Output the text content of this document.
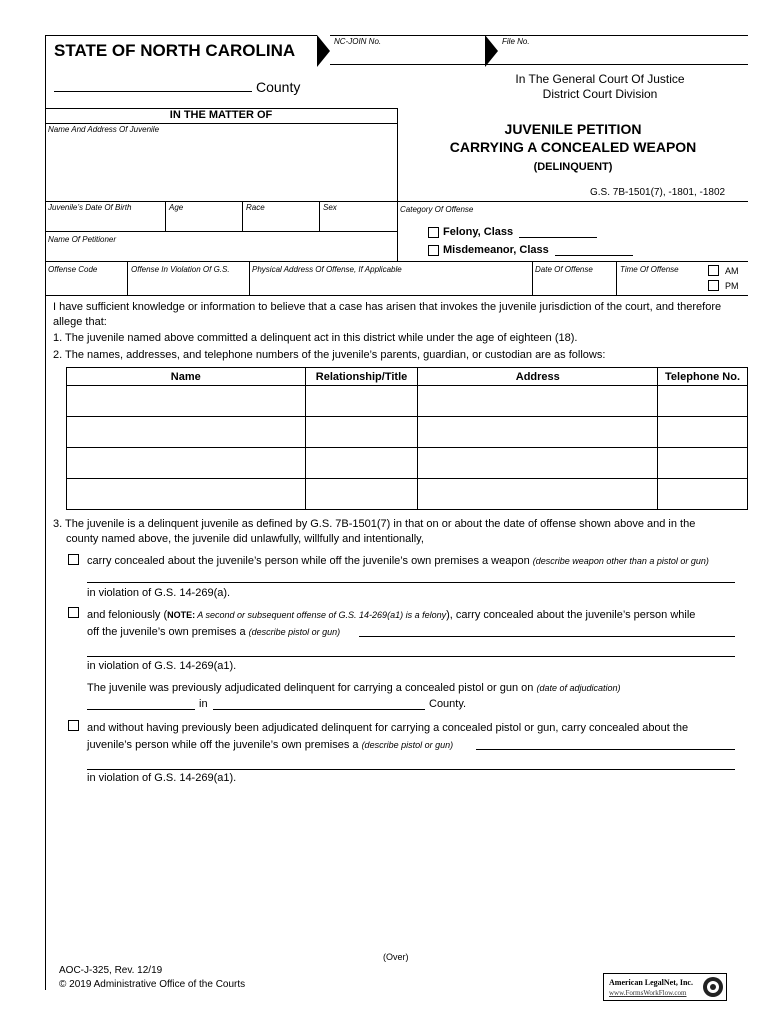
NC-JOIN No.	File No.
STATE OF NORTH CAROLINA
County	In The General Court Of Justice
District Court Division
IN THE MATTER OF
Name And Address Of Juvenile	JUVENILE PETITION
CARRYING A CONCEALED WEAPON
(DELINQUENT)
G.S. 7B-1501(7), -1801, -1802
Juvenile’s Date Of Birth	Age	Race	Sex	Category Of Offense
Name Of Petitioner
Felony, Class
Misdemeanor, Class
Offense Code	Offense In Violation Of G.S.	Physical Address Of Offense, If Applicable	Date Of Offense	Time Of Offense	AM
PM
I have sufficient knowledge or information to believe that a case has arisen that invokes the juvenile jurisdiction of the court, and therefore
allege that:
1. The juvenile named above committed a delinquent act in this district while under the age of eighteen (18).
2. The names, addresses, and telephone numbers of the juvenile’s parents, guardian, or custodian are as follows:
Name	Relationship/Title	Address	Telephone No.

3. The juvenile is a delinquent juvenile as defined by G.S. 7B-1501(7) in that on or about the date of offense shown above and in the
county named above, the juvenile did unlawfully, willfully and intentionally,
carry concealed about the juvenile’s person while off the juvenile’s own premises a weapon (describe weapon other than a pistol or gun)
in violation of G.S. 14-269(a).
and feloniously (NOTE: A second or subsequent offense of G.S. 14-269(a1) is a felony), carry concealed about the juvenile’s person while
off the juvenile’s own premises a (describe pistol or gun)
in violation of G.S. 14-269(a1).
The juvenile was previously adjudicated delinquent for carrying a concealed pistol or gun on (date of adjudication)
in	County.
and without having previously been adjudicated delinquent for carrying a concealed pistol or gun, carry concealed about the
juvenile’s person while off the juvenile’s own premises a (describe pistol or gun)
in violation of G.S. 14-269(a1).
(Over)
AOC-J-325, Rev. 12/19
© 2019 Administrative Office of the Courts	American LegalNet, Inc.
www.FormsWorkFlow.com
